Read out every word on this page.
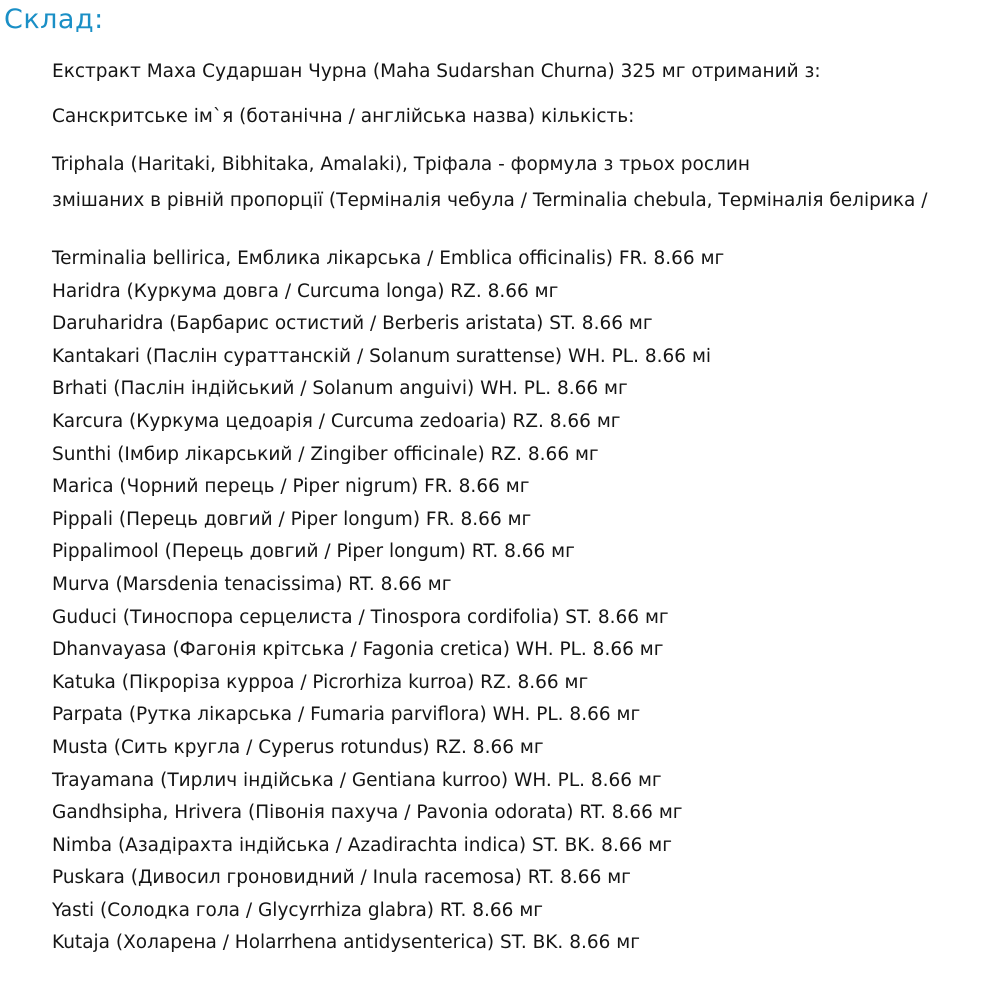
Склад:

Екстракт Маха Сударшан Чурна (Maha Sudarshan Churna) 325 мг отриманий з:

Санскритське ім`я (ботанічна / англійська назва) кількість:

Triphala (Haritaki, Bibhitaka, Amalaki), Тріфала - формула з трьох рослин

змішаних в рівній пропорції (Терміналія чебула / Terminalia chebula, Терміналія белірика /

Terminalia bellirica, Емблика лікарська / Emblica officinalis) FR. 8.66 мг
Haridra (Куркума довга / Curcuma longa) RZ. 8.66 мг
Daruharidra (Барбарис остистий / Berberis aristata) ST. 8.66 мг
Kantakari (Паслін сураттанскій / Solanum surattense) WH. PL. 8.66 мі
Brhati (Паслін індійський / Solanum anguivi) WH. PL. 8.66 мг
Karcura (Куркума цедоарія / Curcuma zedoaria) RZ. 8.66 мг
Sunthi (Імбир лікарський / Zingiber officinale) RZ. 8.66 мг
Marica (Чорний перець / Piper nigrum) FR. 8.66 мг
Pippali (Перець довгий / Piper longum) FR. 8.66 мг
Pippalimool (Перець довгий / Piper longum) RT. 8.66 мг
Murva (Marsdenia tenacissima) RT. 8.66 мг
Guduci (Тиноспора серцелиста / Tinospora cordifolia) ST. 8.66 мг
Dhanvayasa (Фагонія крітська / Fagonia cretica) WH. PL. 8.66 мг
Katuka (Пікроріза курроа / Picrorhiza kurroa) RZ. 8.66 мг
Parpata (Рутка лікарська / Fumaria parviflora) WH. PL. 8.66 мг
Musta (Сить кругла / Cyperus rotundus) RZ. 8.66 мг
Trayamana (Тирлич індійська / Gentiana kurroo) WH. PL. 8.66 мг
Gandhsipha, Hrivera (Півонія пахуча / Pavonia odorata) RT. 8.66 мг
Nimba (Азадірахта індійська / Azadirachta indica) ST. BK. 8.66 мг
Puskara (Дивосил гроновидний / Inula racemosa) RT. 8.66 мг
Yasti (Солодка гола / Glycyrrhiza glabra) RT. 8.66 мг
Kutaja (Холарена / Holarrhena antidysenterica) ST. BK. 8.66 мг
